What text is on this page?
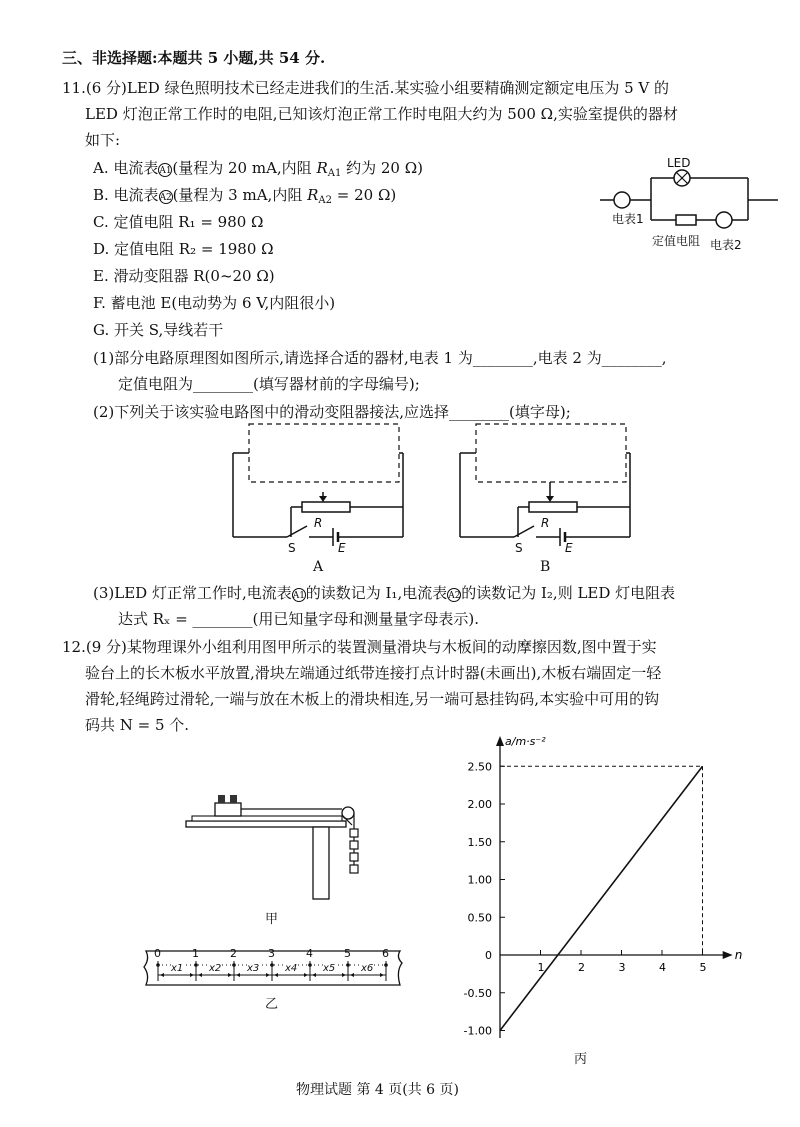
三、非选择题:本题共 5 小题,共 54 分.
11.(6 分)LED 绿色照明技术已经走进我们的生活.某实验小组要精确测定额定电压为 5 V 的
LED 灯泡正常工作时的电阻,已知该灯泡正常工作时电阻大约为 500 Ω,实验室提供的器材
如下:
A. 电流表A1(量程为 20 mA,内阻 $R_{A1}$ 约为 20 Ω)
B. 电流表A2(量程为 3 mA,内阻 $R_{A2} = 20$ Ω)
C. 定值电阻 R₁ = 980 Ω
D. 定值电阻 R₂ = 1980 Ω
E. 滑动变阻器 R(0~20 Ω)
F. 蓄电池 E(电动势为 6 V,内阻很小)
G. 开关 S,导线若干
LED
电表1
定值电阻 电表2
(1)部分电路原理图如图所示,请选择合适的器材,电表 1 为________,电表 2 为________,
定值电阻为________(填写器材前的字母编号);
(2)下列关于该实验电路图中的滑动变阻器接法,应选择________(填字母);
R
S	E
A
R
S	E
B
(3)LED 灯正常工作时,电流表A1的读数记为 I₁,电流表A2的读数记为 I₂,则 LED 灯电阻表
达式 Rₓ = ________(用已知量字母和测量量字母表示).
12.(9 分)某物理课外小组利用图甲所示的装置测量滑块与木板间的动摩擦因数,图中置于实
验台上的长木板水平放置,滑块左端通过纸带连接打点计时器(未画出),木板右端固定一轻
滑轮,轻绳跨过滑轮,一端与放在木板上的滑块相连,另一端可悬挂钩码,本实验中可用的钩
码共 N = 5 个.
甲
0	1	2	3	4	5	6
x1	x2	x3	x4	x5	x6
乙
a/m·s⁻²
n
2.50
2.00
1.50
1.00
0.50
0
-0.50
-1.00
1	2	3	4	5
丙
物理试题 第 4 页(共 6 页)
